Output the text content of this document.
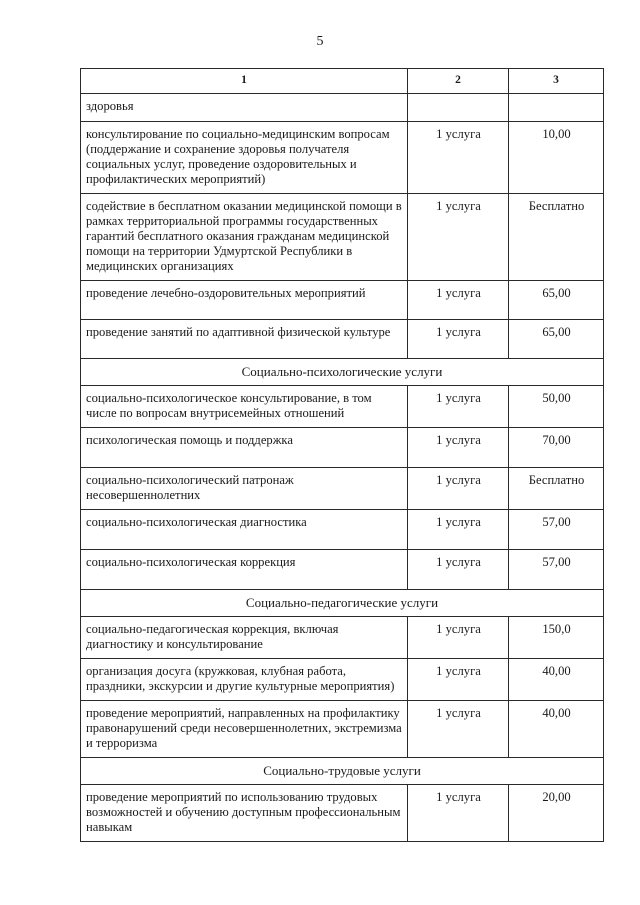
5
1	2	3
здоровья		
консультирование по социально-медицинским вопросам (поддержание и сохранение здоровья получателя социальных услуг, проведение оздоровительных и профилактических мероприятий)	1 услуга	10,00
содействие в бесплатном оказании медицинской помощи в рамках территориальной программы государственных гарантий бесплатного оказания гражданам медицинской помощи на территории Удмуртской Республики в медицинских организациях	1 услуга	Бесплатно
проведение лечебно-оздоровительных мероприятий	1 услуга	65,00
проведение занятий по адаптивной физической культуре	1 услуга	65,00
Социально-психологические услуги		
социально-психологическое консультирование, в том числе по вопросам внутрисемейных отношений	1 услуга	50,00
психологическая помощь и поддержка	1 услуга	70,00
социально-психологический патронаж несовершеннолетних	1 услуга	Бесплатно
социально-психологическая диагностика	1 услуга	57,00
социально-психологическая коррекция	1 услуга	57,00
Социально-педагогические услуги		
социально-педагогическая коррекция, включая диагностику и консультирование	1 услуга	150,0
организация досуга (кружковая, клубная работа, праздники, экскурсии и другие культурные мероприятия)	1 услуга	40,00
проведение мероприятий, направленных на профилактику правонарушений среди несовершеннолетних, экстремизма и терроризма	1 услуга	40,00
Социально-трудовые услуги		
проведение мероприятий по использованию трудовых возможностей и обучению доступным профессиональным навыкам	1 услуга	20,00
